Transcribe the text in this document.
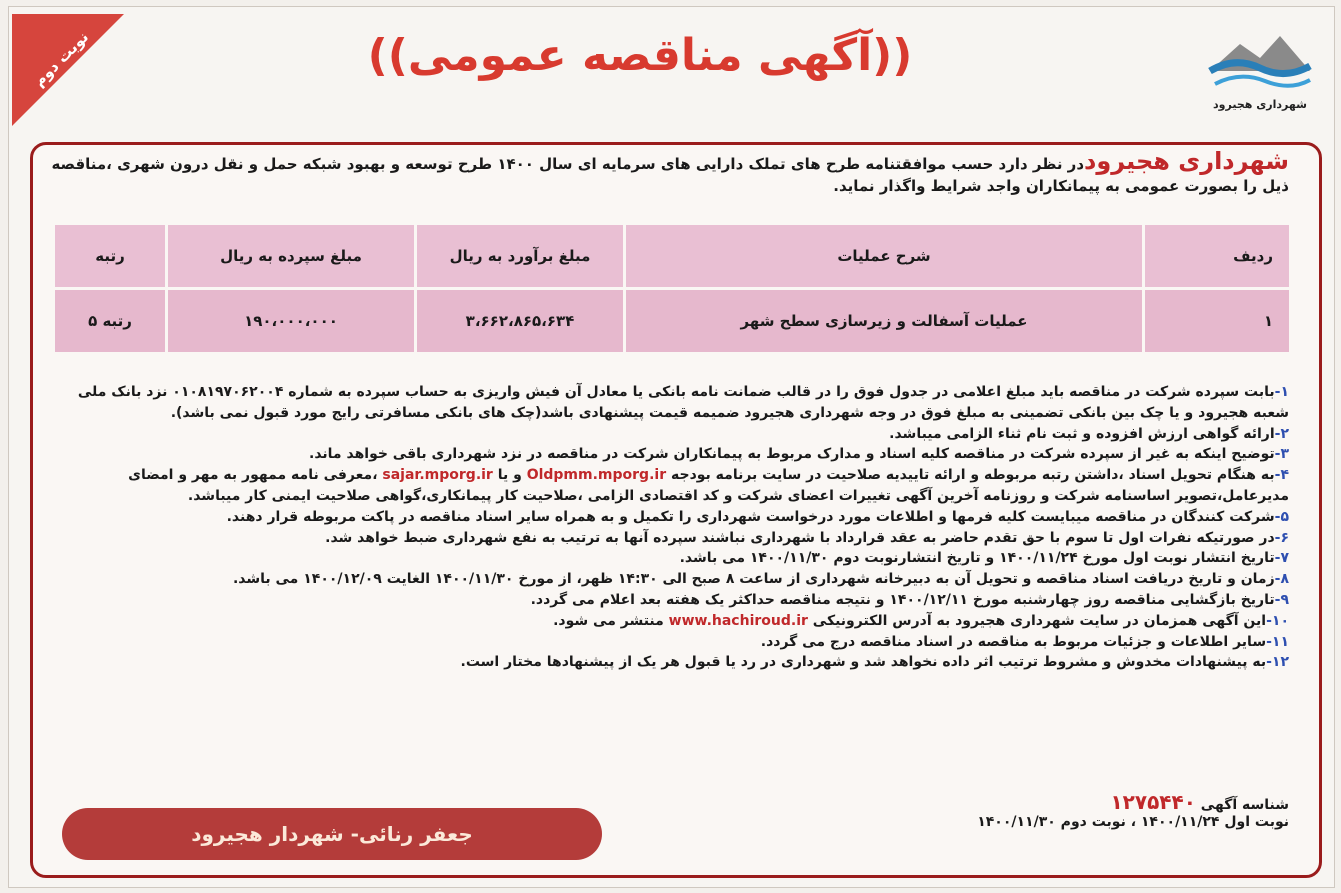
نوبت دوم	((آگهی مناقصه عمومی))
شهرداری هجیرود
شهرداری هجیروددر نظر دارد حسب موافقتنامه طرح های تملک دارایی های سرمایه ای سال ۱۴۰۰ طرح توسعه و بهبود شبکه حمل و نقل درون شهری ،مناقصه ذیل را بصورت عمومی به پیمانکاران واجد شرایط واگذار نماید.
ردیف	شرح عملیات	مبلغ برآورد به ریال	مبلغ سپرده به ریال	رتبه
۱	عملیات آسفالت و زیرسازی سطح شهر	۳،۶۶۲،۸۶۵،۶۳۴	۱۹۰،۰۰۰،۰۰۰	رتبه ۵
۱-بابت سپرده شرکت در مناقصه باید مبلغ اعلامی در جدول فوق را در قالب ضمانت نامه بانکی یا معادل آن فیش واریزی به حساب سپرده به شماره ۰۱۰۸۱۹۷۰۶۲۰۰۴ نزد بانک ملی شعبه هجیرود و یا چک بین بانکی تضمینی به مبلغ فوق در وجه شهرداری هجیرود ضمیمه قیمت پیشنهادی باشد(چک های بانکی مسافرتی رایج مورد قبول نمی باشد).
۲-ارائه گواهی ارزش افزوده و ثبت نام ثناء الزامی میباشد.
۳-توضیح اینکه به غیر از سپرده شرکت در مناقصه کلیه اسناد و مدارک مربوط به پیمانکاران شرکت در مناقصه در نزد شهرداری باقی خواهد ماند.
۴-به هنگام تحویل اسناد ،داشتن رتبه مربوطه و ارائه تاییدیه صلاحیت در سایت برنامه بودجه Oldpmm.mporg.ir و یا sajar.mporg.ir ،معرفی نامه ممهور به مهر و امضای مدیرعامل،تصویر اساسنامه شرکت و روزنامه آخرین آگهی تغییرات اعضای شرکت و کد اقتصادی الزامی ،صلاحیت کار پیمانکاری،گواهی صلاحیت ایمنی کار میباشد.
۵-شرکت کنندگان در مناقصه میبایست کلیه فرمها و اطلاعات مورد درخواست شهرداری را تکمیل و به همراه سایر اسناد مناقصه در پاکت مربوطه قرار دهند.
۶-در صورتیکه نفرات اول تا سوم با حق تقدم حاضر به عقد قرارداد با شهرداری نباشند سپرده آنها به ترتیب به نفع شهرداری ضبط خواهد شد.
۷-تاریخ انتشار نوبت اول مورخ ۱۴۰۰/۱۱/۲۴ و تاریخ انتشارنوبت دوم ۱۴۰۰/۱۱/۳۰ می باشد.
۸-زمان و تاریخ دریافت اسناد مناقصه و تحویل آن به دبیرخانه شهرداری از ساعت ۸ صبح الی ۱۴:۳۰ ظهر، از مورخ ۱۴۰۰/۱۱/۳۰ الغایت ۱۴۰۰/۱۲/۰۹ می باشد.
۹-تاریخ بازگشایی مناقصه روز چهارشنبه مورخ ۱۴۰۰/۱۲/۱۱ و نتیجه مناقصه حداکثر یک هفته بعد اعلام می گردد.
۱۰-این آگهی همزمان در سایت شهرداری هجیرود به آدرس الکترونیکی www.hachiroud.ir منتشر می شود.
۱۱-سایر اطلاعات و جزئیات مربوط به مناقصه در اسناد مناقصه درج می گردد.
۱۲-به پیشنهادات مخدوش و مشروط ترتیب اثر داده نخواهد شد و شهرداری در رد یا قبول هر یک از پیشنهادها مختار است.
شناسه آگهی ۱۲۷۵۴۴۰
نوبت اول ۱۴۰۰/۱۱/۲۴ ، نوبت دوم ۱۴۰۰/۱۱/۳۰
جعفر رنائی- شهردار هجیرود
